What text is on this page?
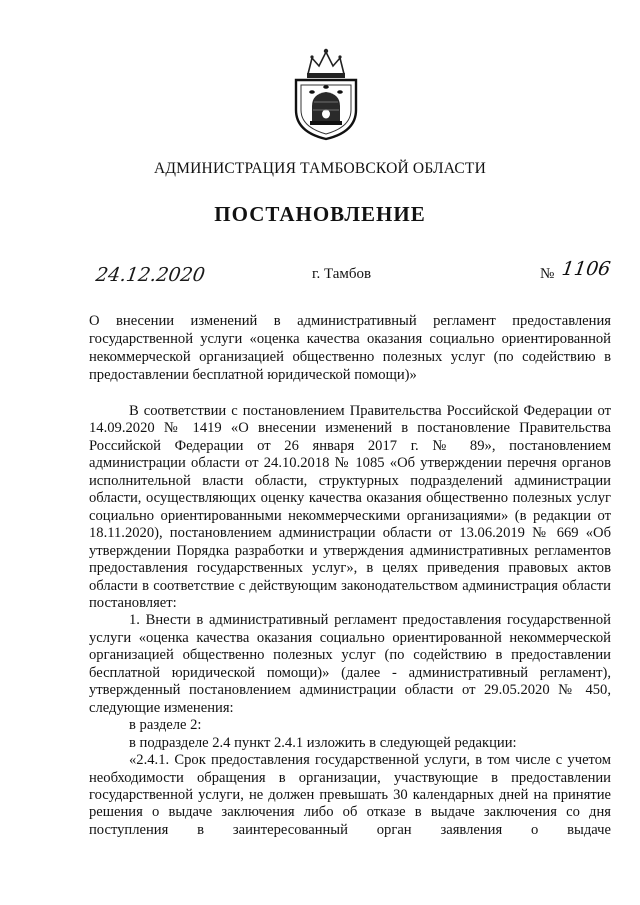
АДМИНИСТРАЦИЯ ТАМБОВСКОЙ ОБЛАСТИ
ПОСТАНОВЛЕНИЕ
24.12.2020	г. Тамбов	№ 1106
О внесении изменений в административный регламент предоставления государственной услуги «оценка качества оказания социально ориентированной некоммерческой организацией общественно полезных услуг (по содействию в предоставлении бесплатной юридической помощи)»

В соответствии с постановлением Правительства Российской Федерации от 14.09.2020 № 1419 «О внесении изменений в постановление Правительства Российской Федерации от 26 января 2017 г. № 89», постановлением администрации области от 24.10.2018 № 1085 «Об утверждении перечня органов исполнительной власти области, структурных подразделений администрации области, осуществляющих оценку качества оказания общественно полезных услуг социально ориентированными некоммерческими организациями» (в редакции от 18.11.2020), постановлением администрации области от 13.06.2019 № 669 «Об утверждении Порядка разработки и утверждения административных регламентов предоставления государственных услуг», в целях приведения правовых актов области в соответствие с действующим законодательством администрация области постановляет:

1. Внести в административный регламент предоставления государственной услуги «оценка качества оказания социально ориентированной некоммерческой организацией общественно полезных услуг (по содействию в предоставлении бесплатной юридической помощи)» (далее - административный регламент), утвержденный постановлением администрации области от 29.05.2020 № 450, следующие изменения:

в разделе 2:

в подразделе 2.4 пункт 2.4.1 изложить в следующей редакции:

«2.4.1. Срок предоставления государственной услуги, в том числе с учетом необходимости обращения в организации, участвующие в предоставлении государственной услуги, не должен превышать 30 календарных дней на принятие решения о выдаче заключения либо об отказе в выдаче заключения со дня поступления в заинтересованный орган заявления о выдаче
